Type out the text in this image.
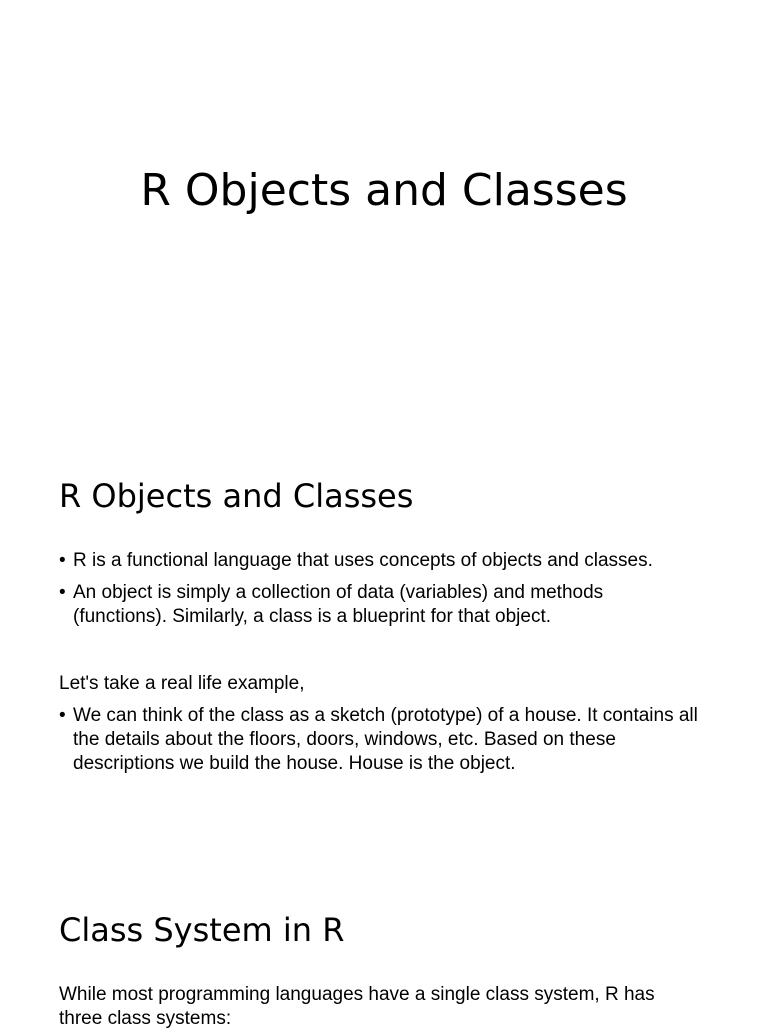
R Objects and Classes
R Objects and Classes
• R is a functional language that uses concepts of objects and classes.
• An object is simply a collection of data (variables) and methods (functions). Similarly, a class is a blueprint for that object.

Let's take a real life example,

• We can think of the class as a sketch (prototype) of a house. It contains all the details about the floors, doors, windows, etc. Based on these descriptions we build the house. House is the object.
Class System in R

While most programming languages have a single class system, R has three class systems:
